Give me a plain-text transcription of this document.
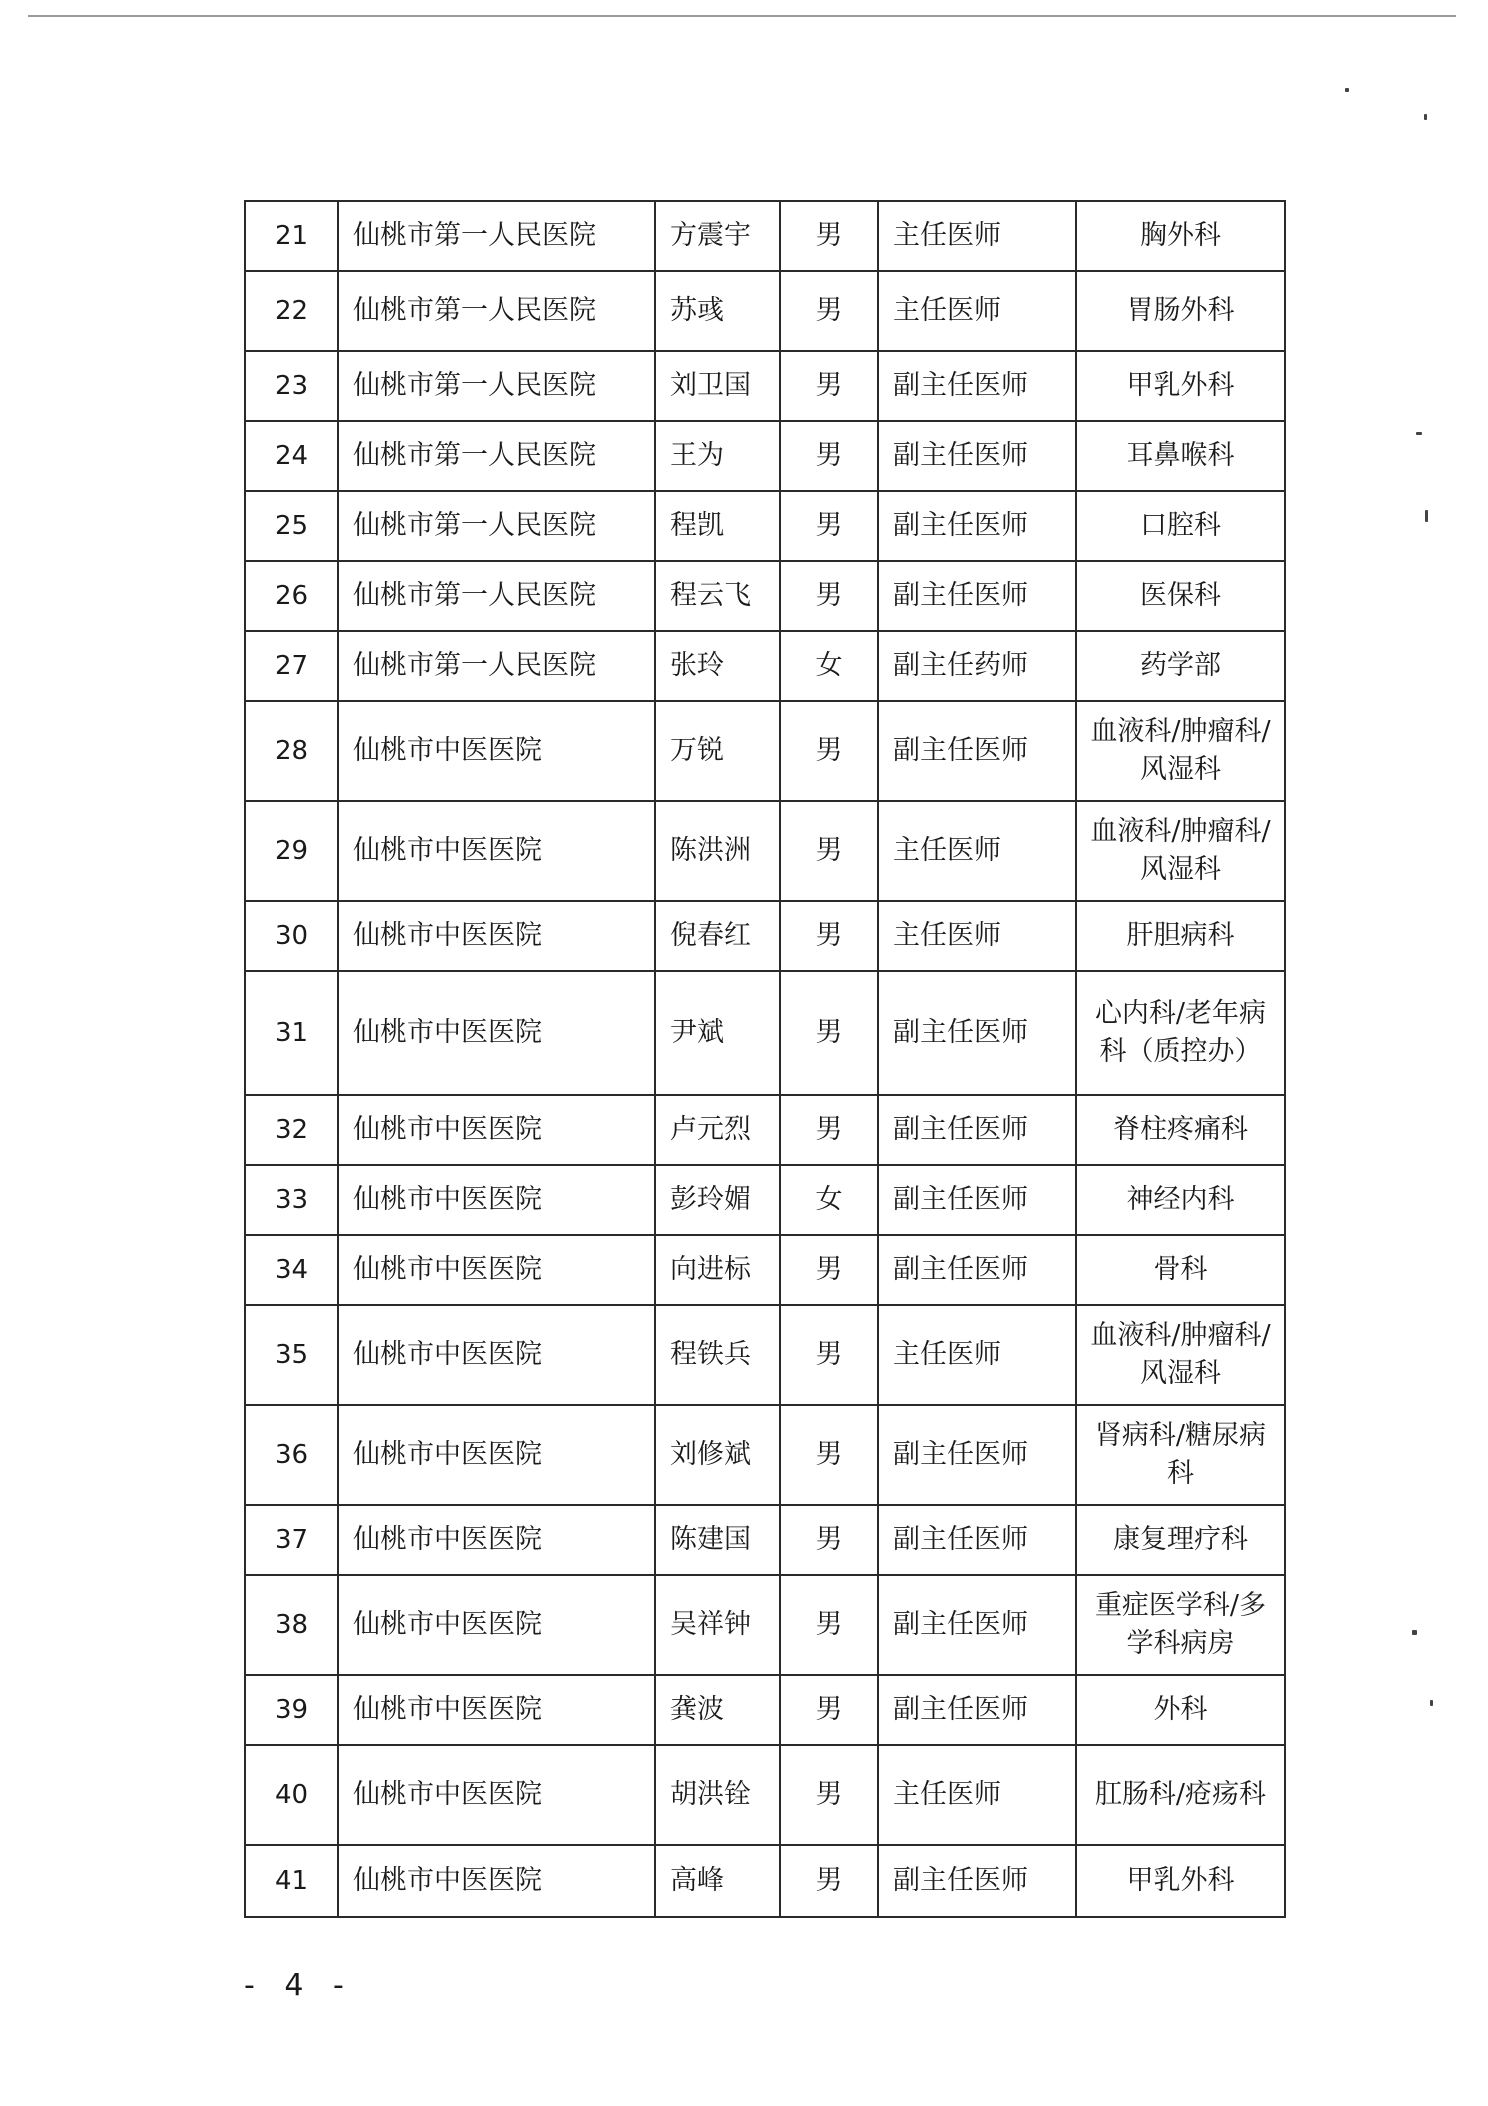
21	仙桃市第一人民医院	方震宇	男	主任医师	胸外科
22	仙桃市第一人民医院	苏彧	男	主任医师	胃肠外科
23	仙桃市第一人民医院	刘卫国	男	副主任医师	甲乳外科
24	仙桃市第一人民医院	王为	男	副主任医师	耳鼻喉科
25	仙桃市第一人民医院	程凯	男	副主任医师	口腔科
26	仙桃市第一人民医院	程云飞	男	副主任医师	医保科
27	仙桃市第一人民医院	张玲	女	副主任药师	药学部
28	仙桃市中医医院	万锐	男	副主任医师	血液科/肿瘤科/风湿科
29	仙桃市中医医院	陈洪洲	男	主任医师	血液科/肿瘤科/风湿科
30	仙桃市中医医院	倪春红	男	主任医师	肝胆病科
31	仙桃市中医医院	尹斌	男	副主任医师	心内科/老年病科（质控办）
32	仙桃市中医医院	卢元烈	男	副主任医师	脊柱疼痛科
33	仙桃市中医医院	彭玲媚	女	副主任医师	神经内科
34	仙桃市中医医院	向进标	男	副主任医师	骨科
35	仙桃市中医医院	程铁兵	男	主任医师	血液科/肿瘤科/风湿科
36	仙桃市中医医院	刘修斌	男	副主任医师	肾病科/糖尿病科
37	仙桃市中医医院	陈建国	男	副主任医师	康复理疗科
38	仙桃市中医医院	吴祥钟	男	副主任医师	重症医学科/多学科病房
39	仙桃市中医医院	龚波	男	副主任医师	外科
40	仙桃市中医医院	胡洪铨	男	主任医师	肛肠科/疮疡科
41	仙桃市中医医院	高峰	男	副主任医师	甲乳外科
- 4 -
